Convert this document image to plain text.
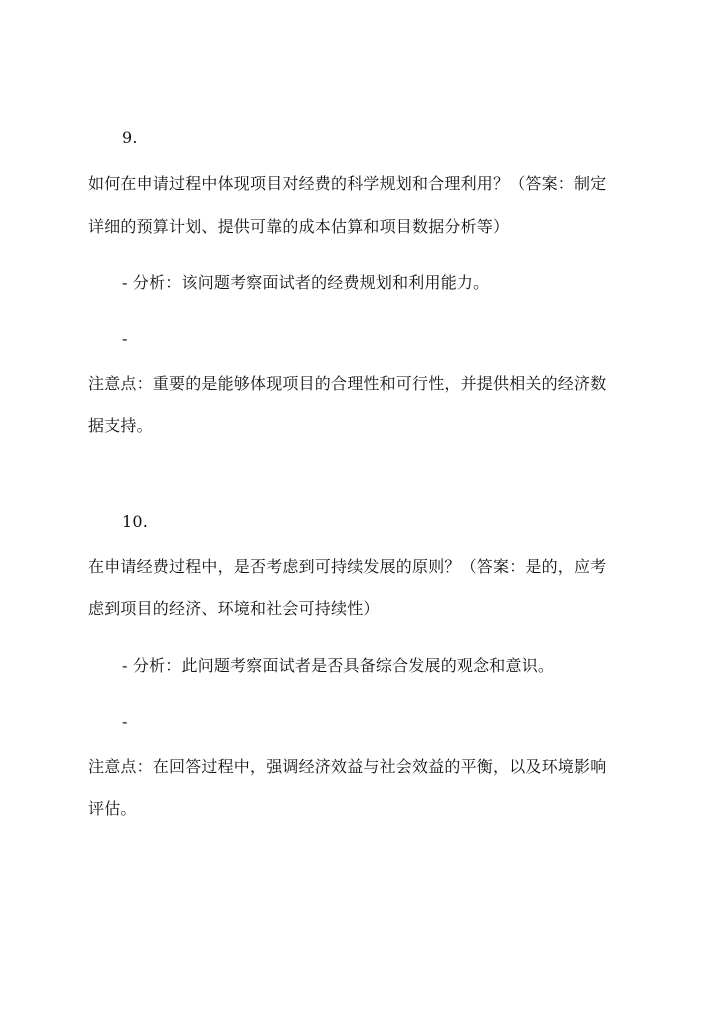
9.
如何在申请过程中体现项目对经费的科学规划和合理利用？（答案：制定
详细的预算计划、提供可靠的成本估算和项目数据分析等）
- 分析：该问题考察面试者的经费规划和利用能力。
-
注意点：重要的是能够体现项目的合理性和可行性，并提供相关的经济数
据支持。
10.
在申请经费过程中，是否考虑到可持续发展的原则？（答案：是的，应考
虑到项目的经济、环境和社会可持续性）
- 分析：此问题考察面试者是否具备综合发展的观念和意识。
-
注意点：在回答过程中，强调经济效益与社会效益的平衡，以及环境影响
评估。
